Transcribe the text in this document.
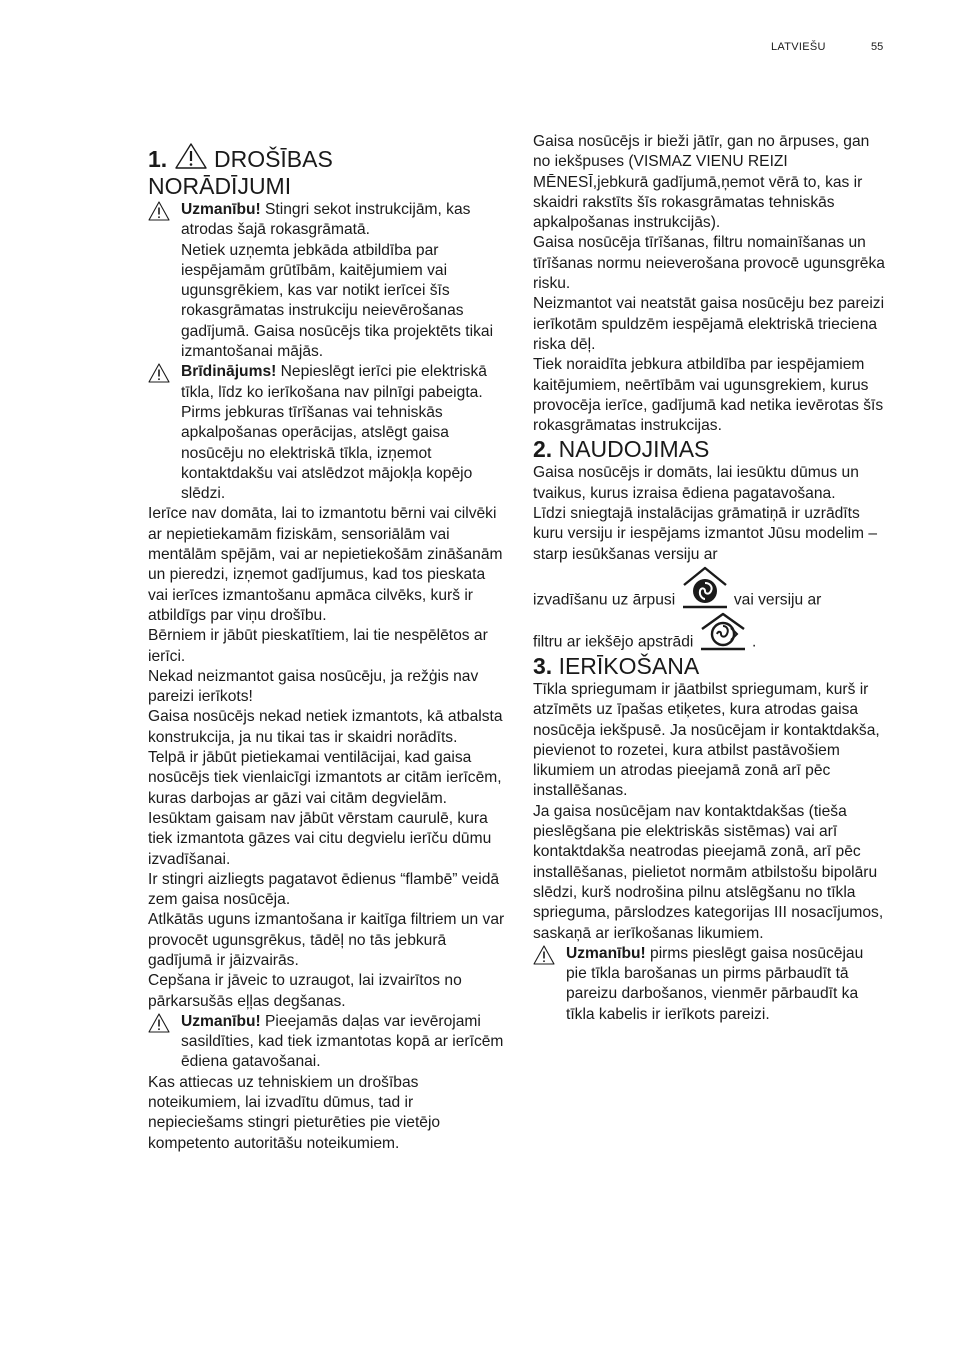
LATVIEŠU	55
1. DROŠĪBAS
NORĀDĪJUMI

Uzmanību! Stingri sekot instrukcijām, kas atrodas šajā rokasgrāmatā.

Netiek uzņemta jebkāda atbildība par iespējamām grūtībām, kaitējumiem vai ugunsgrēkiem, kas var notikt ierīcei šīs rokasgrāmatas instrukciju neievērošanas gadījumā. Gaisa nosūcējs tika projektēts tikai izmantošanai mājās.

Brīdinājums! Nepieslēgt ierīci pie elektriskā tīkla, līdz ko ierīkošana nav pilnīgi pabeigta.

Pirms jebkuras tīrīšanas vai tehniskās apkalpošanas operācijas, atslēgt gaisa nosūcēju no elektriskā tīkla, izņemot kontaktdakšu vai atslēdzot mājokļa kopējo slēdzi.

Ierīce nav domāta, lai to izmantotu bērni vai cilvēki ar nepietiekamām fiziskām, sensoriālām vai mentālām spējām, vai ar nepietiekošām zināšanām un pieredzi, izņemot gadījumus, kad tos pieskata vai ierīces izmantošanu apmāca cilvēks, kurš ir atbildīgs par viņu drošību.

Bērniem ir jābūt pieskatītiem, lai tie nespēlētos ar ierīci.

Nekad neizmantot gaisa nosūcēju, ja režģis nav pareizi ierīkots!

Gaisa nosūcējs nekad netiek izmantots, kā atbalsta konstrukcija, ja nu tikai tas ir skaidri norādīts.

Telpā ir jābūt pietiekamai ventilācijai, kad gaisa nosūcējs tiek vienlaicīgi izmantots ar citām ierīcēm, kuras darbojas ar gāzi vai citām degvielām.

Iesūktam gaisam nav jābūt vērstam caurulē, kura tiek izmantota gāzes vai citu degvielu ierīču dūmu izvadīšanai.

Ir stingri aizliegts pagatavot ēdienus “flambē” veidā zem gaisa nosūcēja.

Atlkātās uguns izmantošana ir kaitīga filtriem un var provocēt ugunsgrēkus, tādēļ no tās jebkurā gadījumā ir jāizvairās.

Cepšana ir jāveic to uzraugot, lai izvairītos no pārkarsušās eļļas degšanas.

Uzmanību! Pieejamās daļas var ievērojami sasildīties, kad tiek izmantotas kopā ar ierīcēm ēdiena gatavošanai.

Kas attiecas uz tehniskiem un drošības noteikumiem, lai izvadītu dūmus, tad ir nepieciešams stingri pieturēties pie vietējo kompetento autoritāšu noteikumiem.

Gaisa nosūcējs ir bieži jātīr, gan no ārpuses, gan no iekšpuses (VISMAZ VIENU REIZI MĒNESĪ,jebkurā gadījumā,ņemot vērā to, kas ir skaidri rakstīts šīs rokasgrāmatas tehniskās apkalpošanas instrukcijās).

Gaisa nosūcēja tīrīšanas, filtru nomainīšanas un tīrīšanas normu neieverošana provocē ugunsgrēka risku.

Neizmantot vai neatstāt gaisa nosūcēju bez pareizi ierīkotām spuldzēm iespējamā elektriskā trieciena riska dēļ.

Tiek noraidīta jebkura atbildība par iespējamiem kaitējumiem, neērtībām vai ugunsgrekiem, kurus provocēja ierīce, gadījumā kad netika ievērotas šīs rokasgrāmatas instrukcijas.

2. NAUDOJIMAS

Gaisa nosūcējs ir domāts, lai iesūktu dūmus un tvaikus, kurus izraisa ēdiena pagatavošana.

Līdzi sniegtajā instalācijas grāmatiņā ir uzrādīts kuru versiju ir iespējams izmantot Jūsu modelim – starp iesūkšanas versiju ar

izvadīšanu uz ārpusi	vai versiju ar

filtru ar iekšējo apstrādi	.

3. IERĪKOŠANA

Tīkla spriegumam ir jāatbilst spriegumam, kurš ir atzīmēts uz īpašas etiķetes, kura atrodas gaisa nosūcēja iekšpusē. Ja nosūcējam ir kontaktdakša, pievienot to rozetei, kura atbilst pastāvošiem likumiem un atrodas pieejamā zonā arī pēc installēšanas.

Ja gaisa nosūcējam nav kontaktdakšas (tieša pieslēgšana pie elektriskās sistēmas) vai arī kontaktdakša neatrodas pieejamā zonā, arī pēc installēšanas, pielietot normām atbilstošu bipolāru slēdzi, kurš nodrošina pilnu atslēgšanu no tīkla sprieguma, pārslodzes kategorijas III nosacījumos, saskaņā ar ierīkošanas likumiem.

Uzmanību! pirms pieslēgt gaisa nosūcējau pie tīkla barošanas un pirms pārbaudīt tā pareizu darbošanos, vienmēr pārbaudīt ka tīkla kabelis ir ierīkots pareizi.
